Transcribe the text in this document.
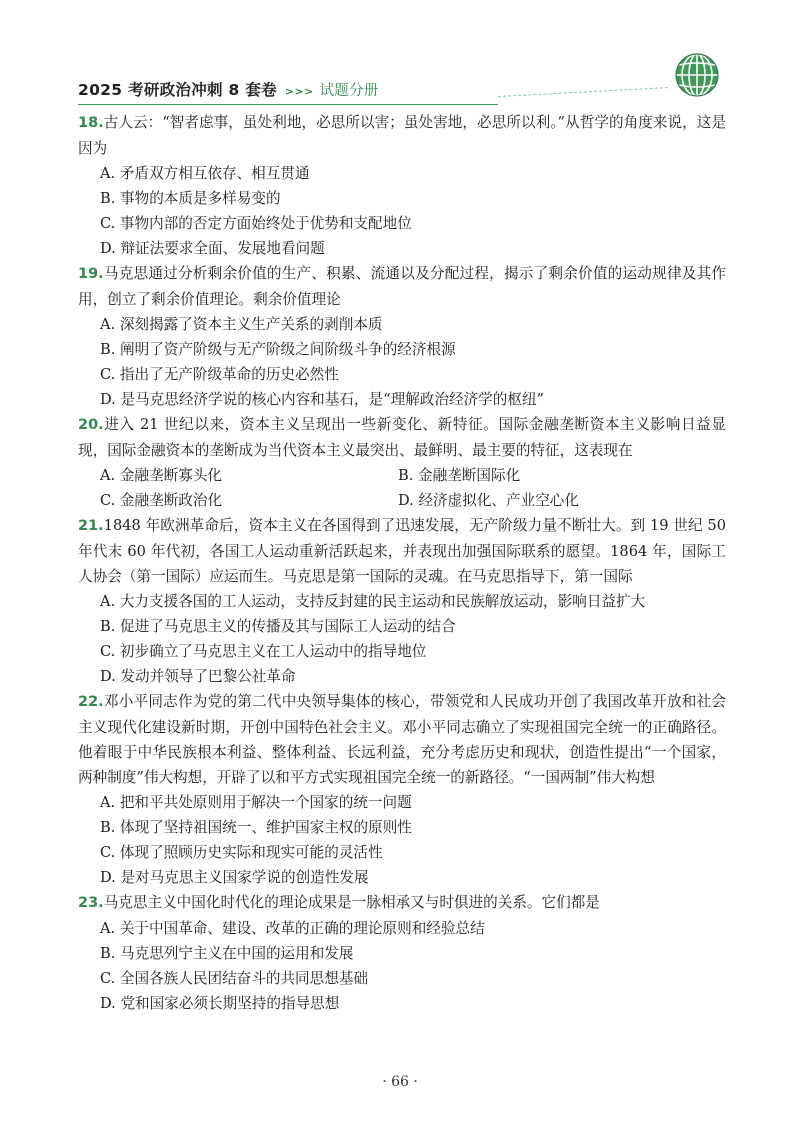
2025 考研政治冲刺 8 套卷 >>> 试题分册

18.古人云：“智者虑事，虽处利地，必思所以害；虽处害地，必思所以利。”从哲学的角度来说，这是因为

A. 矛盾双方相互依存、相互贯通

B. 事物的本质是多样易变的

C. 事物内部的否定方面始终处于优势和支配地位

D. 辩证法要求全面、发展地看问题

19.马克思通过分析剩余价值的生产、积累、流通以及分配过程，揭示了剩余价值的运动规律及其作用，创立了剩余价值理论。剩余价值理论

A. 深刻揭露了资本主义生产关系的剥削本质

B. 阐明了资产阶级与无产阶级之间阶级斗争的经济根源

C. 指出了无产阶级革命的历史必然性

D. 是马克思经济学说的核心内容和基石，是“理解政治经济学的枢纽”

20.进入 21 世纪以来，资本主义呈现出一些新变化、新特征。国际金融垄断资本主义影响日益显现，国际金融资本的垄断成为当代资本主义最突出、最鲜明、最主要的特征，这表现在

A. 金融垄断寡头化	B. 金融垄断国际化

C. 金融垄断政治化	D. 经济虚拟化、产业空心化

21.1848 年欧洲革命后，资本主义在各国得到了迅速发展，无产阶级力量不断壮大。到 19 世纪 50 年代末 60 年代初，各国工人运动重新活跃起来，并表现出加强国际联系的愿望。1864 年，国际工人协会（第一国际）应运而生。马克思是第一国际的灵魂。在马克思指导下，第一国际

A. 大力支援各国的工人运动，支持反封建的民主运动和民族解放运动，影响日益扩大

B. 促进了马克思主义的传播及其与国际工人运动的结合

C. 初步确立了马克思主义在工人运动中的指导地位

D. 发动并领导了巴黎公社革命

22.邓小平同志作为党的第二代中央领导集体的核心，带领党和人民成功开创了我国改革开放和社会主义现代化建设新时期，开创中国特色社会主义。邓小平同志确立了实现祖国完全统一的正确路径。他着眼于中华民族根本利益、整体利益、长远利益，充分考虑历史和现状，创造性提出“一个国家，两种制度”伟大构想，开辟了以和平方式实现祖国完全统一的新路径。“一国两制”伟大构想

A. 把和平共处原则用于解决一个国家的统一问题

B. 体现了坚持祖国统一、维护国家主权的原则性

C. 体现了照顾历史实际和现实可能的灵活性

D. 是对马克思主义国家学说的创造性发展

23.马克思主义中国化时代化的理论成果是一脉相承又与时俱进的关系。它们都是

A. 关于中国革命、建设、改革的正确的理论原则和经验总结

B. 马克思列宁主义在中国的运用和发展

C. 全国各族人民团结奋斗的共同思想基础

D. 党和国家必须长期坚持的指导思想

· 66 ·
